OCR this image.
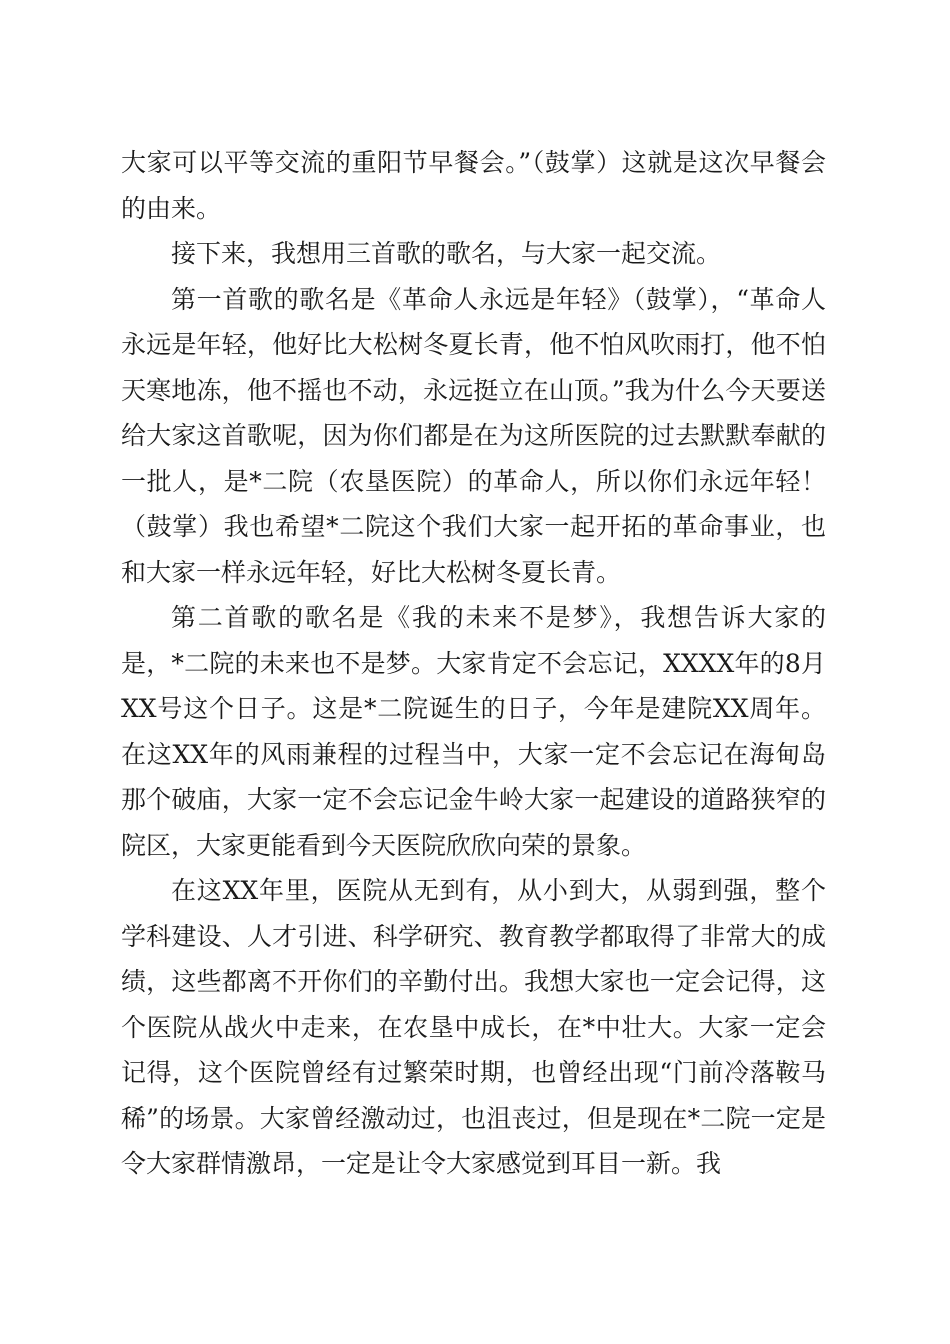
大家可以平等交流的重阳节早餐会。”（鼓掌）这就是这次早餐会的由来。

接下来，我想用三首歌的歌名，与大家一起交流。

第一首歌的歌名是《革命人永远是年轻》（鼓掌），“革命人永远是年轻，他好比大松树冬夏长青，他不怕风吹雨打，他不怕天寒地冻，他不摇也不动，永远挺立在山顶。”我为什么今天要送给大家这首歌呢，因为你们都是在为这所医院的过去默默奉献的一批人，是*二院（农垦医院）的革命人，所以你们永远年轻！（鼓掌）我也希望*二院这个我们大家一起开拓的革命事业，也和大家一样永远年轻，好比大松树冬夏长青。

第二首歌的歌名是《我的未来不是梦》，我想告诉大家的是，*二院的未来也不是梦。大家肯定不会忘记，XXXX年的8月XX号这个日子。这是*二院诞生的日子，今年是建院XX周年。在这XX年的风雨兼程的过程当中，大家一定不会忘记在海甸岛那个破庙，大家一定不会忘记金牛岭大家一起建设的道路狭窄的院区，大家更能看到今天医院欣欣向荣的景象。

在这XX年里，医院从无到有，从小到大，从弱到强，整个学科建设、人才引进、科学研究、教育教学都取得了非常大的成绩，这些都离不开你们的辛勤付出。我想大家也一定会记得，这个医院从战火中走来，在农垦中成长，在*中壮大。大家一定会记得，这个医院曾经有过繁荣时期，也曾经出现“门前冷落鞍马稀”的场景。大家曾经激动过，也沮丧过，但是现在*二院一定是令大家群情激昂，一定是让令大家感觉到耳目一新。我
